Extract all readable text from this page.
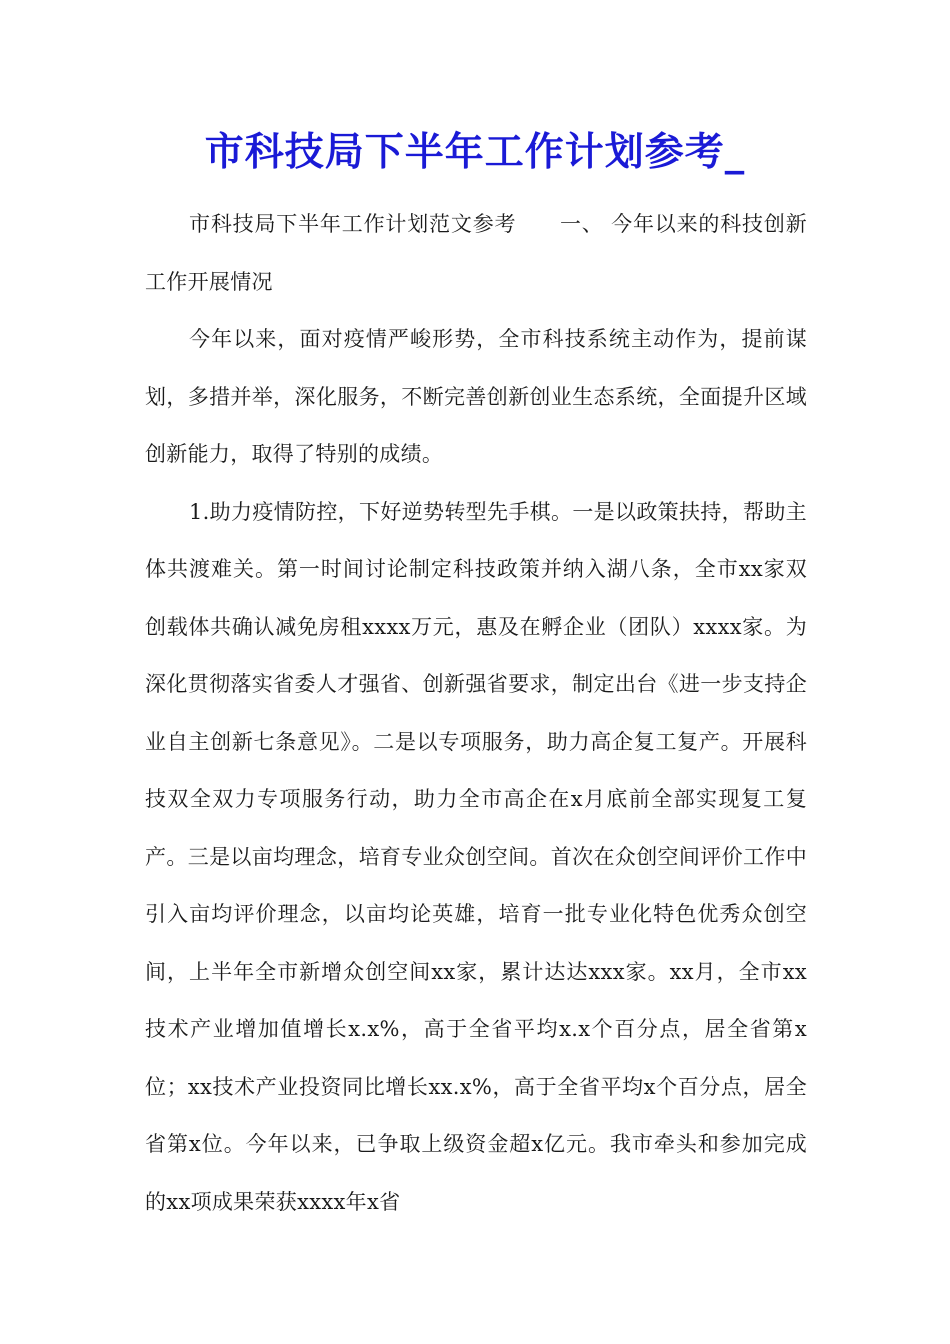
市科技局下半年工作计划参考_

市科技局下半年工作计划范文参考　　一、 今年以来的科技创新工作开展情况

今年以来，面对疫情严峻形势，全市科技系统主动作为，提前谋划，多措并举，深化服务，不断完善创新创业生态系统，全面提升区域创新能力，取得了特别的成绩。

1.助力疫情防控，下好逆势转型先手棋。一是以政策扶持，帮助主体共渡难关。第一时间讨论制定科技政策并纳入湖八条，全市xx家双创载体共确认减免房租xxxx万元，惠及在孵企业（团队）xxxx家。为深化贯彻落实省委人才强省、创新强省要求，制定出台《进一步支持企业自主创新七条意见》。二是以专项服务，助力高企复工复产。开展科技双全双力专项服务行动，助力全市高企在x月底前全部实现复工复产。三是以亩均理念，培育专业众创空间。首次在众创空间评价工作中引入亩均评价理念，以亩均论英雄，培育一批专业化特色优秀众创空间，上半年全市新增众创空间xx家，累计达达xxx家。xx月，全市xx技术产业增加值增长x.x%，高于全省平均x.x个百分点，居全省第x位；xx技术产业投资同比增长xx.x%，高于全省平均x个百分点，居全省第x位。今年以来，已争取上级资金超x亿元。我市牵头和参加完成的xx项成果荣获xxxx年x省
